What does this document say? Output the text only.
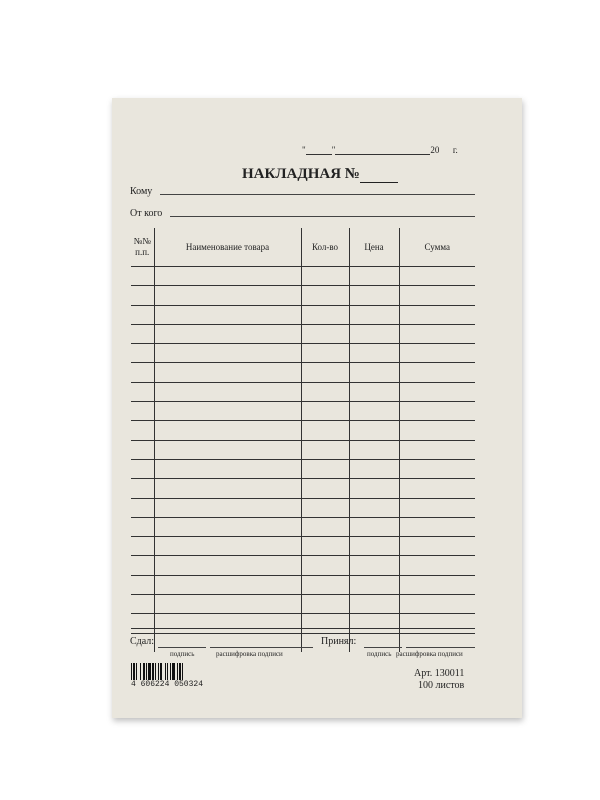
"	"	20 г.
НАКЛАДНАЯ №
Кому
От кого
№№ п.п.	Наименование товара	Кол-во	Цена	Сумма

Сдал:
подпись	расшифровка подписи
Принял:
подпись расшифровка подписи
4 606224 050324
Арт. 130011
100 листов
